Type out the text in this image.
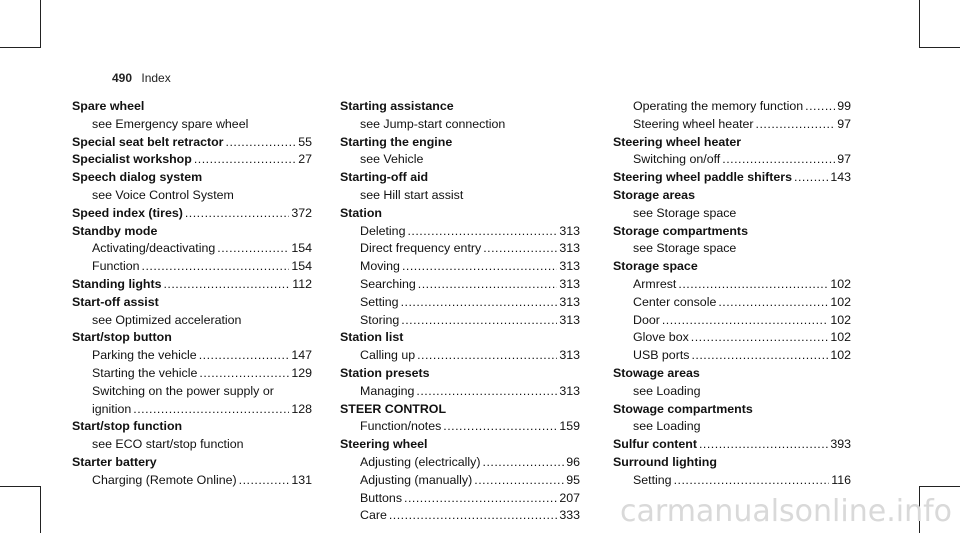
490 Index
Spare wheel
see Emergency spare wheel
Special seat belt retractor .....	55
Specialist workshop .....	27
Speech dialog system
see Voice Control System
Speed index (tires) .....	372
Standby mode
Activating/deactivating .....	154
Function .....	154
Standing lights .....	112
Start-off assist
see Optimized acceleration
Start/stop button
Parking the vehicle .....	147
Starting the vehicle .....	129
Switching on the power supply or
ignition .....	128
Start/stop function
see ECO start/stop function
Starter battery
Charging (Remote Online) .....	131
Starting assistance
see Jump-start connection
Starting the engine
see Vehicle
Starting-off aid
see Hill start assist
Station
Deleting .....	313
Direct frequency entry .....	313
Moving .....	313
Searching .....	313
Setting .....	313
Storing .....	313
Station list
Calling up .....	313
Station presets
Managing .....	313
STEER CONTROL
Function/notes .....	159
Steering wheel
Adjusting (electrically) .....	96
Adjusting (manually) .....	95
Buttons .....	207
Care .....	333
Operating the memory function .....	99
Steering wheel heater .....	97
Steering wheel heater
Switching on/off .....	97
Steering wheel paddle shifters .....	143
Storage areas
see Storage space
Storage compartments
see Storage space
Storage space
Armrest .....	102
Center console .....	102
Door .....	102
Glove box .....	102
USB ports .....	102
Stowage areas
see Loading
Stowage compartments
see Loading
Sulfur content .....	393
Surround lighting
Setting .....	116
carmanualsonline.info
